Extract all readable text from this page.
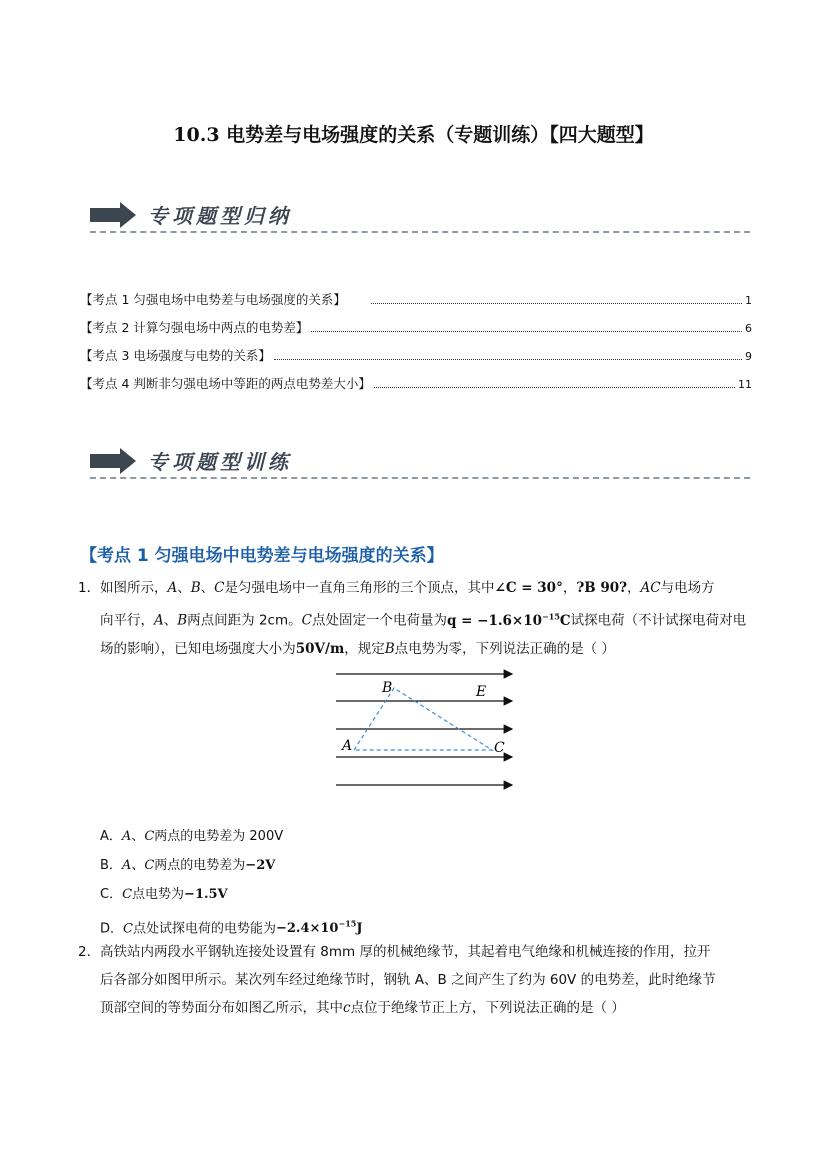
10.3 电势差与电场强度的关系（专题训练）【四大题型】
专项题型归纳
【考点 1 匀强电场中电势差与电场强度的关系】	1
【考点 2 计算匀强电场中两点的电势差】	6
【考点 3 电场强度与电势的关系】	9
【考点 4 判断非匀强电场中等距的两点电势差大小】	11
专项题型训练
【考点 1 匀强电场中电势差与电场强度的关系】
1． 如图所示，A、B、C是匀强电场中一直角三角形的三个顶点，其中∠C = 30°，?B 90?，AC与电场方
向平行，A、B两点间距为 2cm。C点处固定一个电荷量为$q = -1.6\times 10^{-15}C$试探电荷（不计试探电荷对电
场的影响），已知电场强度大小为50V/m，规定B点电势为零，下列说法正确的是（ ）
A
B
C
E
A．A、C两点的电势差为 200V
B．A、C两点的电势差为−2V
C．C点电势为−1.5V
D．C点处试探电荷的电势能为$-2.4\times 10^{-15}J$
2． 高铁站内两段水平钢轨连接处设置有 8mm 厚的机械绝缘节，其起着电气绝缘和机械连接的作用，拉开
后各部分如图甲所示。某次列车经过绝缘节时，钢轨 A、B 之间产生了约为 60V 的电势差，此时绝缘节
顶部空间的等势面分布如图乙所示，其中c点位于绝缘节正上方，下列说法正确的是（ ）
